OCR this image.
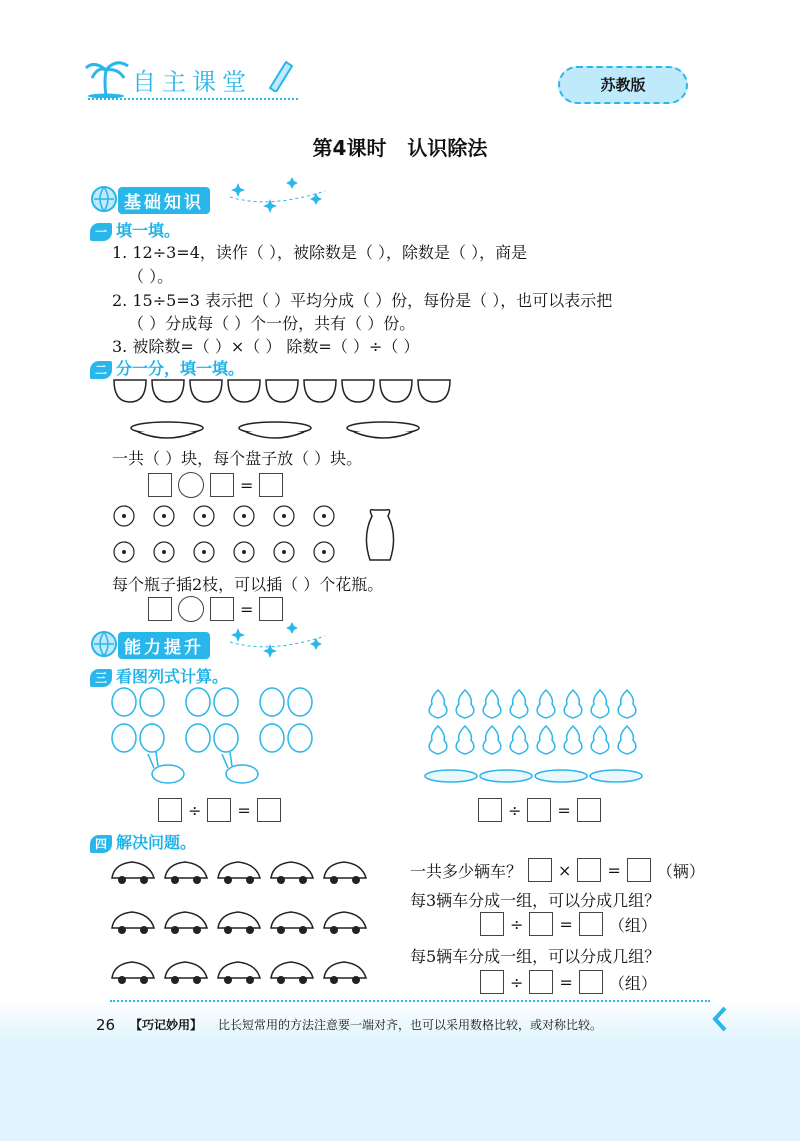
自主课堂	苏教版
第4课时 认识除法
基础知识
一 填一填。
1. 12÷3=4，读作（ ），被除数是（ ），除数是（ ），商是
（ ）。
2. 15÷5=3 表示把（ ）平均分成（ ）份，每份是（ ），也可以表示把
（ ）分成每（ ）个一份，共有（ ）份。
3. 被除数=（ ）×（ ） 除数=（ ）÷（ ）
二 分一分，填一填。
一共（ ）块，每个盘子放（ ）块。
=
每个瓶子插2枝，可以插（ ）个花瓶。
=
能力提升
三 看图列式计算。
÷ =	÷ =
四 解决问题。
一共多少辆车？ × = （辆）
每3辆车分成一组，可以分成几组？
÷ = （组）
每5辆车分成一组，可以分成几组？
÷ = （组）
26 【巧记妙用】 比长短常用的方法注意要一端对齐，也可以采用数格比较，或对称比较。
